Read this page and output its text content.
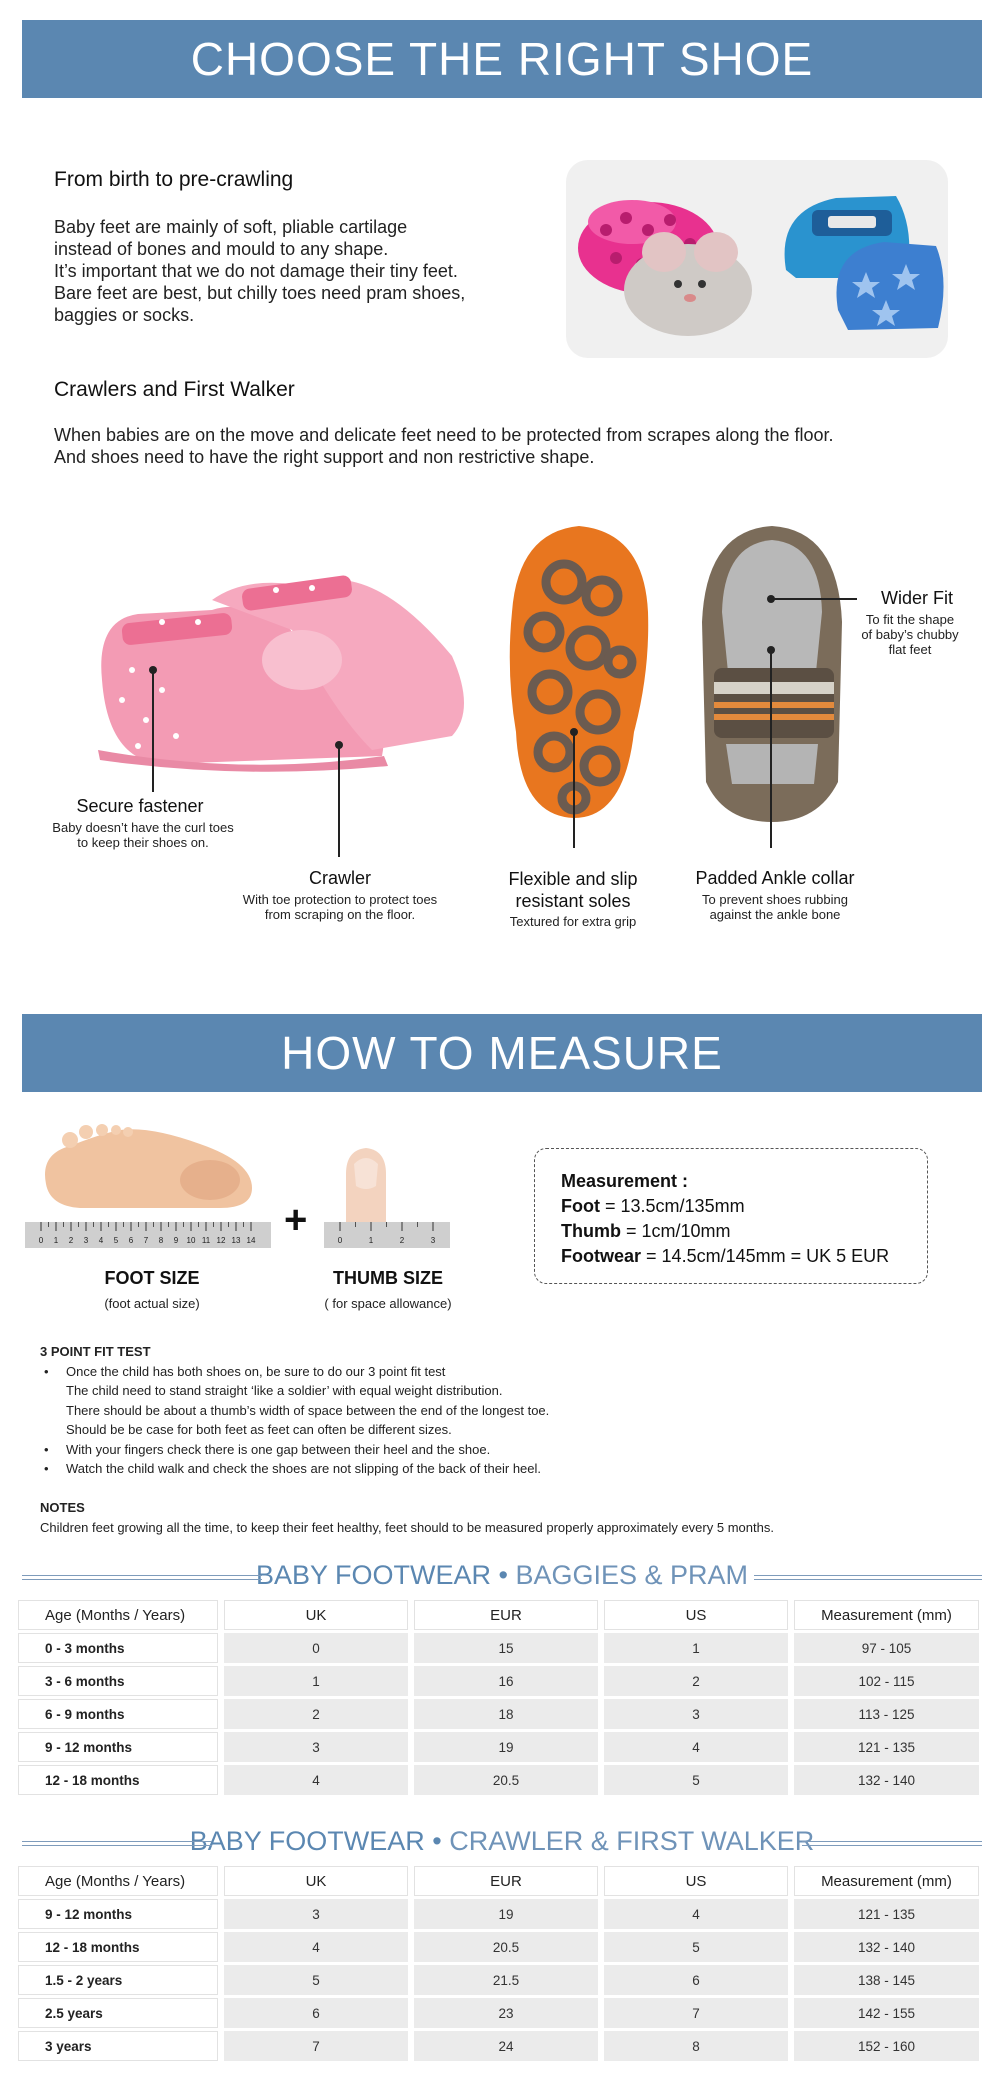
CHOOSE THE RIGHT SHOE
From birth to pre-crawling
Baby feet are mainly of soft, pliable cartilage
instead of bones and mould to any shape.
It’s important that we do not damage their tiny feet.
Bare feet are best, but chilly toes need pram shoes,
baggies or socks.
Crawlers and First Walker
When babies are on the move and delicate feet need to be protected from scrapes along the floor.
And shoes need to have the right support and non restrictive shape.
Secure fastener
Baby doesn’t have the curl toes
to keep their shoes on.
Crawler
With toe protection to protect toes
from scraping on the floor.
Flexible and slip
resistant soles
Textured for extra grip
Padded Ankle collar
To prevent shoes rubbing
against the ankle bone
Wider Fit
To fit the shape
of baby’s chubby
flat feet
HOW TO MEASURE
0 1 2 3 4 5 6 7 8 9 10 11 12 13 14
FOOT SIZE
(foot actual size)
+	0	1	2	3
THUMB SIZE
( for space allowance)
Measurement :
Foot = 13.5cm/135mm
Thumb = 1cm/10mm
Footwear = 14.5cm/145mm = UK 5 EUR
3 POINT FIT TEST
• Once the child has both shoes on, be sure to do our 3 point fit test
The child need to stand straight ‘like a soldier’ with equal weight distribution.
There should be about a thumb’s width of space between the end of the longest toe.
Should be be case for both feet as feet can often be different sizes.
• With your fingers check there is one gap between their heel and the shoe.
• Watch the child walk and check the shoes are not slipping of the back of their heel.
NOTES
Children feet growing all the time, to keep their feet healthy, feet should to be measured properly approximately every 5 months.
BABY FOOTWEAR • BAGGIES & PRAM
Age (Months / Years)	UK	EUR	US	Measurement (mm)
0 - 3 months	0	15	1	97 - 105
3 - 6 months	1	16	2	102 - 115
6 - 9 months	2	18	3	113 - 125
9 - 12 months	3	19	4	121 - 135
12 - 18 months	4	20.5	5	132 - 140
BABY FOOTWEAR • CRAWLER & FIRST WALKER
Age (Months / Years)	UK	EUR	US	Measurement (mm)
9 - 12 months	3	19	4	121 - 135
12 - 18 months	4	20.5	5	132 - 140
1.5 - 2 years	5	21.5	6	138 - 145
2.5 years	6	23	7	142 - 155
3 years	7	24	8	152 - 160
